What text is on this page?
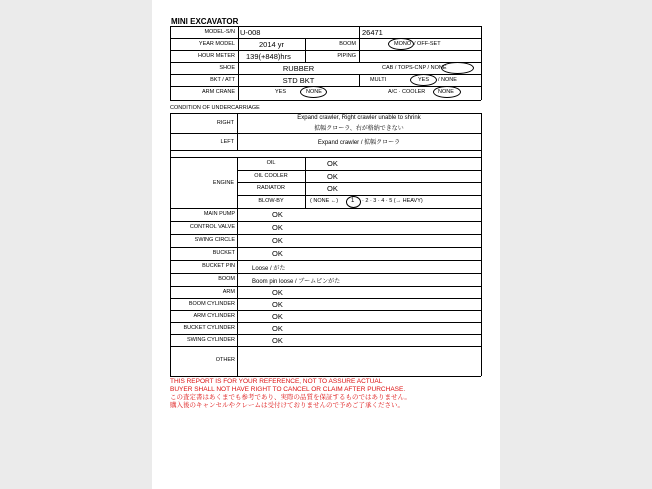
MINI EXCAVATOR
MODEL-S/N U-008	26471
YEAR MODEL	2014 yr	BOOM	MONO / OFF-SET
HOUR METER 139(+848)hrs	PIPING
SHOE	RUBBER	CAB / TOPS-CNP / NONE
BKT / ATT	STD BKT	MULTI	YES / NONE
ARM CRANE	YES	NONE	A/C · COOLER NONE
CONDITION OF UNDERCARRIAGE
RIGHT
Expand crawler, Right crawler unable to shrink
拡幅クローラ、右が格納できない
LEFT	Expand crawler / 拡幅クローラ
ENGINE
OIL	OK
OIL COOLER	OK
RADIATOR	OK
BLOW-BY	( NONE ←) 1 · 2 · 3 · 4 · 5 (→ HEAVY)
MAIN PUMP	OK
CONTROL VALVE	OK
SWING CIRCLE	OK
BUCKET	OK
BUCKET PIN	Loose / がた
BOOM	Boom pin loose / ブームピンがた
ARM	OK
BOOM CYLINDER	OK
ARM CYLINDER	OK
BUCKET CYLINDER	OK
SWING CYLINDER	OK
OTHER
THIS REPORT IS FOR YOUR REFERENCE, NOT TO ASSURE ACTUAL
BUYER SHALL NOT HAVE RIGHT TO CANCEL OR CLAIM AFTER PURCHASE.
この査定書はあくまでも参考であり、実際の品質を保証するものではありません。
購入後のキャンセルやクレームは受付けておりませんので予めご了承ください。
